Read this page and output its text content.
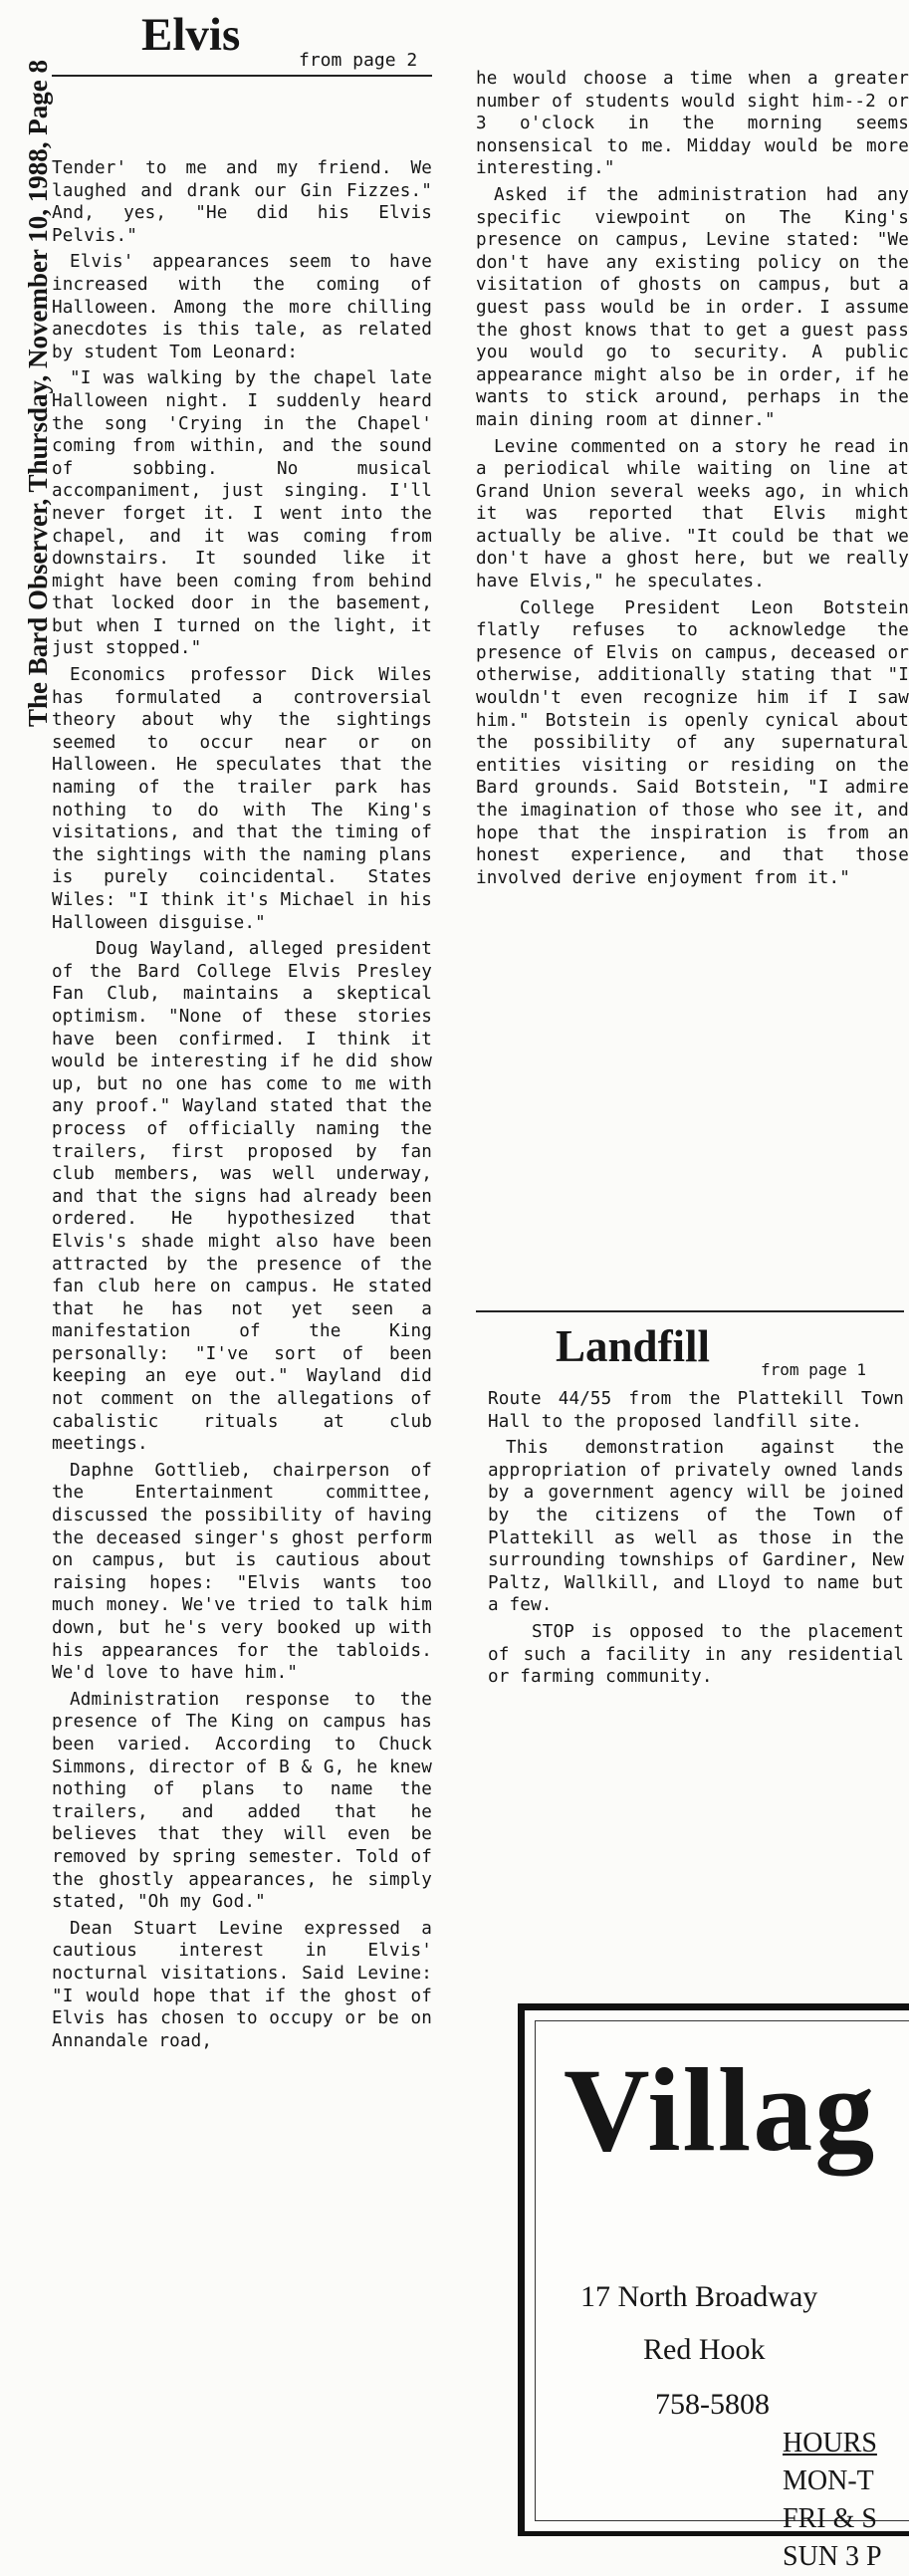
The Bard Observer, Thursday, November 10, 1988, Page 8
Elvis	from page 2

Tender' to me and my friend. We laughed and drank our Gin Fizzes." And, yes, "He did his Elvis Pelvis."

Elvis' appearances seem to have increased with the coming of Halloween. Among the more chilling anecdotes is this tale, as related by student Tom Leonard:

"I was walking by the chapel late Halloween night. I suddenly heard the song 'Crying in the Chapel' coming from within, and the sound of sobbing. No musical accompaniment, just singing. I'll never forget it. I went into the chapel, and it was coming from downstairs. It sounded like it might have been coming from behind that locked door in the basement, but when I turned on the light, it just stopped."

Economics professor Dick Wiles has formulated a controversial theory about why the sightings seemed to occur near or on Halloween. He speculates that the naming of the trailer park has nothing to do with The King's visitations, and that the timing of the sightings with the naming plans is purely coincidental. States Wiles: "I think it's Michael in his Halloween disguise."

Doug Wayland, alleged president of the Bard College Elvis Presley Fan Club, maintains a skeptical optimism. "None of these stories have been confirmed. I think it would be interesting if he did show up, but no one has come to me with any proof." Wayland stated that the process of officially naming the trailers, first proposed by fan club members, was well underway, and that the signs had already been ordered. He hypothesized that Elvis's shade might also have been attracted by the presence of the fan club here on campus. He stated that he has not yet seen a manifestation of the King personally: "I've sort of been keeping an eye out." Wayland did not comment on the allegations of cabalistic rituals at club meetings.

Daphne Gottlieb, chairperson of the Entertainment committee, discussed the possibility of having the deceased singer's ghost perform on campus, but is cautious about raising hopes: "Elvis wants too much money. We've tried to talk him down, but he's very booked up with his appearances for the tabloids. We'd love to have him."

Administration response to the presence of The King on campus has been varied. According to Chuck Simmons, director of B & G, he knew nothing of plans to name the trailers, and added that he believes that they will even be removed by spring semester. Told of the ghostly appearances, he simply stated, "Oh my God."

Dean Stuart Levine expressed a cautious interest in Elvis' nocturnal visitations. Said Levine: "I would hope that if the ghost of Elvis has chosen to occupy or be on Annandale road,

he would choose a time when a greater number of students would sight him--2 or 3 o'clock in the morning seems nonsensical to me. Midday would be more interesting."

Asked if the administration had any specific viewpoint on The King's presence on campus, Levine stated: "We don't have any existing policy on the visitation of ghosts on campus, but a guest pass would be in order. I assume the ghost knows that to get a guest pass you would go to security. A public appearance might also be in order, if he wants to stick around, perhaps in the main dining room at dinner."

Levine commented on a story he read in a periodical while waiting on line at Grand Union several weeks ago, in which it was reported that Elvis might actually be alive. "It could be that we don't have a ghost here, but we really have Elvis," he speculates.

College President Leon Botstein flatly refuses to acknowledge the presence of Elvis on campus, deceased or otherwise, additionally stating that "I wouldn't even recognize him if I saw him." Botstein is openly cynical about the possibility of any supernatural entities visiting or residing on the Bard grounds. Said Botstein, "I admire the imagination of those who see it, and hope that the inspiration is from an honest experience, and that those involved derive enjoyment from it."

Landfill	from page 1

Route 44/55 from the Plattekill Town Hall to the proposed landfill site.

This demonstration against the appropriation of privately owned lands by a government agency will be joined by the citizens of the Town of Plattekill as well as those in the surrounding townships of Gardiner, New Paltz, Wallkill, and Lloyd to name but a few.

STOP is opposed to the placement of such a facility in any residential or farming community.

Villag
17 North Broadway
Red Hook
758-5808
HOURS
MON-T
FRI & S
SUN 3 P
